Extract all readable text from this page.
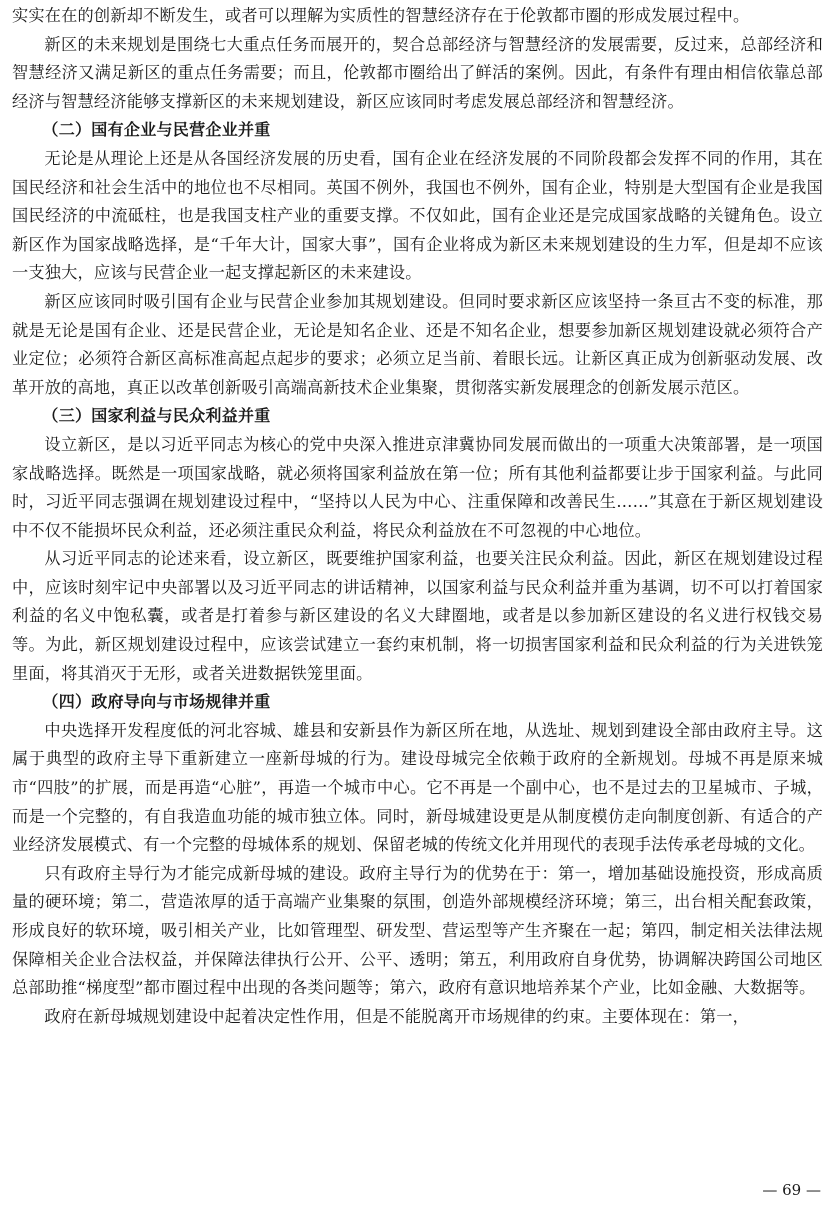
实实在在的创新却不断发生，或者可以理解为实质性的智慧经济存在于伦敦都市圈的形成发展过程中。

新区的未来规划是围绕七大重点任务而展开的，契合总部经济与智慧经济的发展需要，反过来，总部经济和智慧经济又满足新区的重点任务需要；而且，伦敦都市圈给出了鲜活的案例。因此，有条件有理由相信依靠总部经济与智慧经济能够支撑新区的未来规划建设，新区应该同时考虑发展总部经济和智慧经济。

（二）国有企业与民营企业并重

无论是从理论上还是从各国经济发展的历史看，国有企业在经济发展的不同阶段都会发挥不同的作用，其在国民经济和社会生活中的地位也不尽相同。英国不例外，我国也不例外，国有企业，特别是大型国有企业是我国国民经济的中流砥柱，也是我国支柱产业的重要支撑。不仅如此，国有企业还是完成国家战略的关键角色。设立新区作为国家战略选择，是“千年大计，国家大事”，国有企业将成为新区未来规划建设的生力军，但是却不应该一支独大，应该与民营企业一起支撑起新区的未来建设。

新区应该同时吸引国有企业与民营企业参加其规划建设。但同时要求新区应该坚持一条亘古不变的标准，那就是无论是国有企业、还是民营企业，无论是知名企业、还是不知名企业，想要参加新区规划建设就必须符合产业定位；必须符合新区高标准高起点起步的要求；必须立足当前、着眼长远。让新区真正成为创新驱动发展、改革开放的高地，真正以改革创新吸引高端高新技术企业集聚，贯彻落实新发展理念的创新发展示范区。

（三）国家利益与民众利益并重

设立新区，是以习近平同志为核心的党中央深入推进京津冀协同发展而做出的一项重大决策部署，是一项国家战略选择。既然是一项国家战略，就必须将国家利益放在第一位；所有其他利益都要让步于国家利益。与此同时，习近平同志强调在规划建设过程中，“坚持以人民为中心、注重保障和改善民生……”其意在于新区规划建设中不仅不能损坏民众利益，还必须注重民众利益，将民众利益放在不可忽视的中心地位。

从习近平同志的论述来看，设立新区，既要维护国家利益，也要关注民众利益。因此，新区在规划建设过程中，应该时刻牢记中央部署以及习近平同志的讲话精神，以国家利益与民众利益并重为基调，切不可以打着国家利益的名义中饱私囊，或者是打着参与新区建设的名义大肆圈地，或者是以参加新区建设的名义进行权钱交易等。为此，新区规划建设过程中，应该尝试建立一套约束机制，将一切损害国家利益和民众利益的行为关进铁笼里面，将其消灭于无形，或者关进数据铁笼里面。

（四）政府导向与市场规律并重

中央选择开发程度低的河北容城、雄县和安新县作为新区所在地，从选址、规划到建设全部由政府主导。这属于典型的政府主导下重新建立一座新母城的行为。建设母城完全依赖于政府的全新规划。母城不再是原来城市“四肢”的扩展，而是再造“心脏”，再造一个城市中心。它不再是一个副中心，也不是过去的卫星城市、子城，而是一个完整的，有自我造血功能的城市独立体。同时，新母城建设更是从制度模仿走向制度创新、有适合的产业经济发展模式、有一个完整的母城体系的规划、保留老城的传统文化并用现代的表现手法传承老母城的文化。

只有政府主导行为才能完成新母城的建设。政府主导行为的优势在于：第一，增加基础设施投资，形成高质量的硬环境；第二，营造浓厚的适于高端产业集聚的氛围，创造外部规模经济环境；第三，出台相关配套政策，形成良好的软环境，吸引相关产业，比如管理型、研发型、营运型等产生齐聚在一起；第四，制定相关法律法规保障相关企业合法权益，并保障法律执行公开、公平、透明；第五，利用政府自身优势，协调解决跨国公司地区总部助推“梯度型”都市圈过程中出现的各类问题等；第六，政府有意识地培养某个产业，比如金融、大数据等。

政府在新母城规划建设中起着决定性作用，但是不能脱离开市场规律的约束。主要体现在：第一，

— 69 —
